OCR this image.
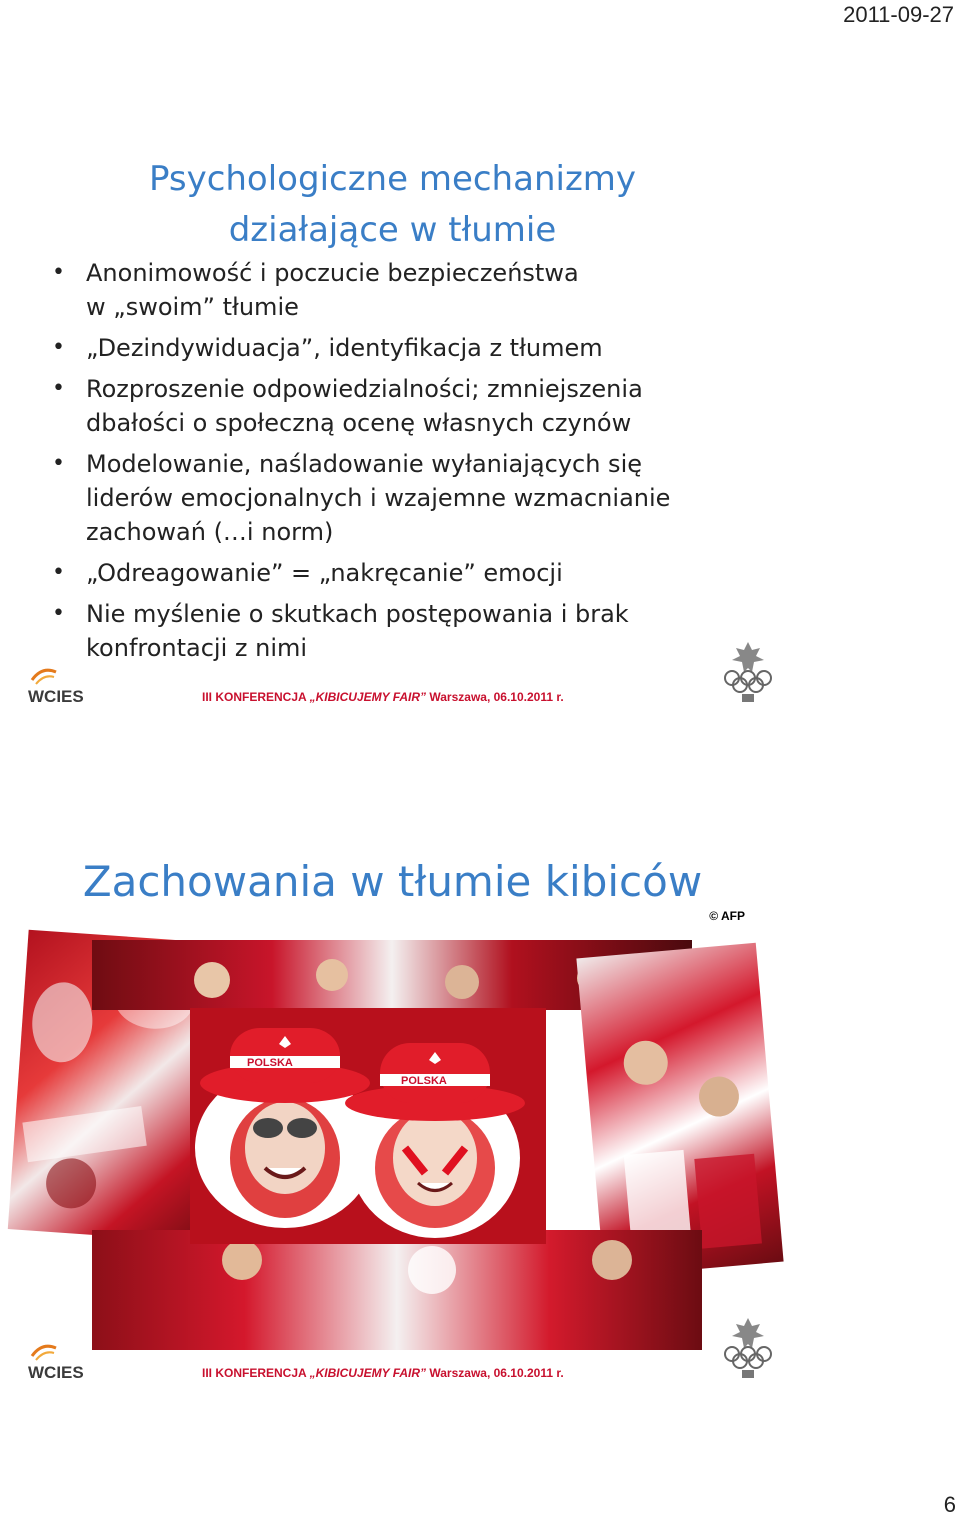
2011-09-27
Psychologiczne mechanizmy
działające w tłumie
• Anonimowość i poczucie bezpieczeństwa
w „swoim” tłumie
• „Dezindywiduacja”, identyfikacja z tłumem
• Rozproszenie odpowiedzialności; zmniejszenia
dbałości o społeczną ocenę własnych czynów
• Modelowanie, naśladowanie wyłaniających się
liderów emocjonalnych i wzajemne wzmacnianie
zachowań (…i norm)
• „Odreagowanie” = „nakręcanie” emocji
• Nie myślenie o skutkach postępowania i brak
konfrontacji z nimi
WCIES	III KONFERENCJA „KIBICUJEMY FAIR” Warszawa, 06.10.2011 r.
Zachowania w tłumie kibiców
© AFP
POLSKA
POLSKA
WCIES	III KONFERENCJA „KIBICUJEMY FAIR” Warszawa, 06.10.2011 r.
6
